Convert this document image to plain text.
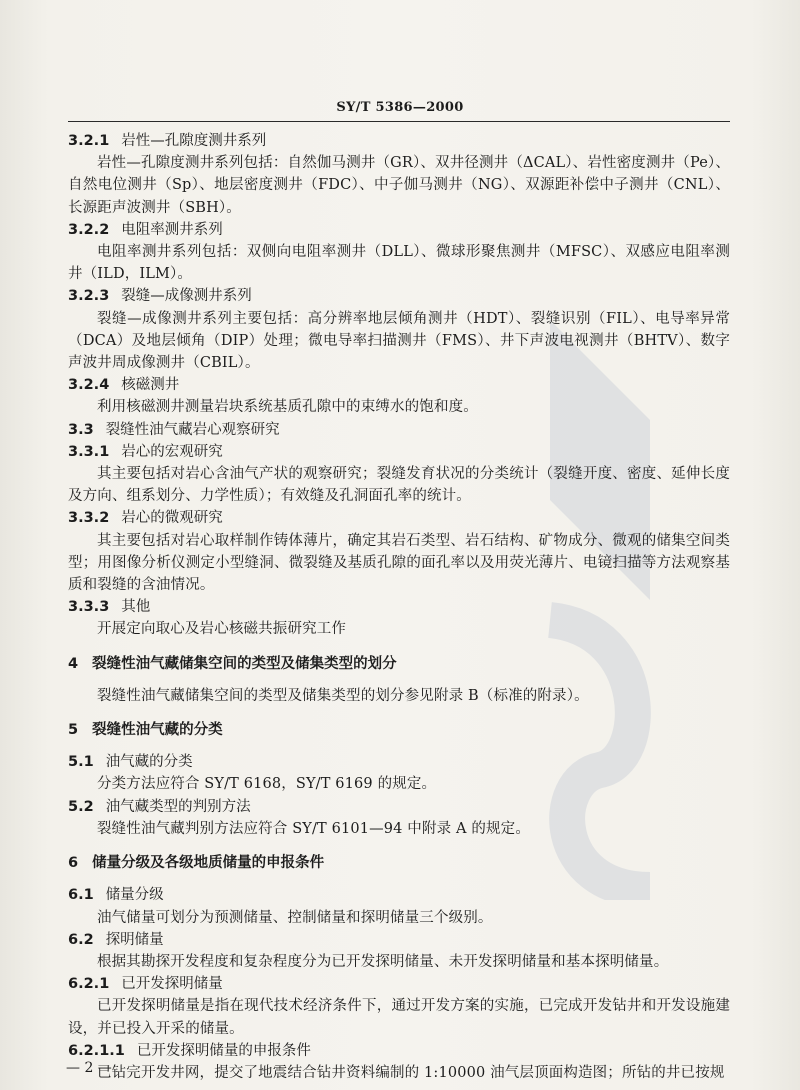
SY/T 5386—2000
3.2.1 岩性—孔隙度测井系列
岩性—孔隙度测井系列包括：自然伽马测井（GR）、双井径测井（ΔCAL）、岩性密度测井（Pe）、自然电位测井（Sp）、地层密度测井（FDC）、中子伽马测井（NG）、双源距补偿中子测井（CNL）、长源距声波测井（SBH）。
3.2.2 电阻率测井系列
电阻率测井系列包括：双侧向电阻率测井（DLL）、微球形聚焦测井（MFSC）、双感应电阻率测井（ILD，ILM）。
3.2.3 裂缝—成像测井系列
裂缝—成像测井系列主要包括：高分辨率地层倾角测井（HDT）、裂缝识别（FIL）、电导率异常（DCA）及地层倾角（DIP）处理；微电导率扫描测井（FMS）、井下声波电视测井（BHTV）、数字声波井周成像测井（CBIL）。
3.2.4 核磁测井
利用核磁测井测量岩块系统基质孔隙中的束缚水的饱和度。
3.3 裂缝性油气藏岩心观察研究
3.3.1 岩心的宏观研究
其主要包括对岩心含油气产状的观察研究；裂缝发育状况的分类统计（裂缝开度、密度、延伸长度及方向、组系划分、力学性质）；有效缝及孔洞面孔率的统计。
3.3.2 岩心的微观研究
其主要包括对岩心取样制作铸体薄片，确定其岩石类型、岩石结构、矿物成分、微观的储集空间类型；用图像分析仪测定小型缝洞、微裂缝及基质孔隙的面孔率以及用荧光薄片、电镜扫描等方法观察基质和裂缝的含油情况。
3.3.3 其他
开展定向取心及岩心核磁共振研究工作
4 裂缝性油气藏储集空间的类型及储集类型的划分
裂缝性油气藏储集空间的类型及储集类型的划分参见附录 B（标准的附录）。
5 裂缝性油气藏的分类
5.1 油气藏的分类
分类方法应符合 SY/T 6168，SY/T 6169 的规定。
5.2 油气藏类型的判别方法
裂缝性油气藏判别方法应符合 SY/T 6101—94 中附录 A 的规定。
6 储量分级及各级地质储量的申报条件
6.1 储量分级
油气储量可划分为预测储量、控制储量和探明储量三个级别。
6.2 探明储量
根据其勘探开发程度和复杂程度分为已开发探明储量、未开发探明储量和基本探明储量。
6.2.1 已开发探明储量
已开发探明储量是指在现代技术经济条件下，通过开发方案的实施，已完成开发钻井和开发设施建设，并已投入开采的储量。
6.2.1.1 已开发探明储量的申报条件
已钻完开发井网，提交了地震结合钻井资料编制的 1:10000 油气层顶面构造图；所钻的井已按规
— 2 —
